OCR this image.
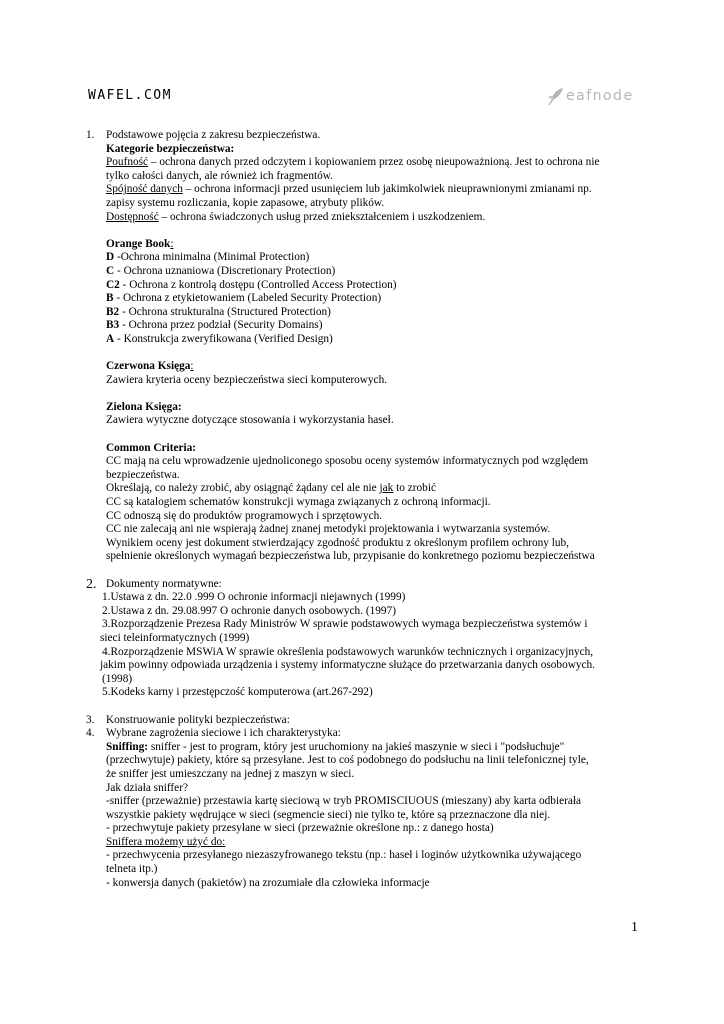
WAFEL.COM	eafnode
1.	Podstawowe pojęcia z zakresu bezpieczeństwa.

Kategorie bezpieczeństwa:

Poufność – ochrona danych przed odczytem i kopiowaniem przez osobę nieupoważnioną. Jest to ochrona nie

tylko całości danych, ale również ich fragmentów.

Spójność danych – ochrona informacji przed usunięciem lub jakimkolwiek nieuprawnionymi zmianami np.

zapisy systemu rozliczania, kopie zapasowe, atrybuty plików.

Dostępność – ochrona świadczonych usług przed zniekształceniem i uszkodzeniem.

Orange Book:

D -Ochrona minimalna (Minimal Protection)

C - Ochrona uznaniowa (Discretionary Protection)

C2 - Ochrona z kontrolą dostępu (Controlled Access Protection)

B - Ochrona z etykietowaniem (Labeled Security Protection)

B2 - Ochrona strukturalna (Structured Protection)

B3 - Ochrona przez podział (Security Domains)

A - Konstrukcja zweryfikowana (Verified Design)

Czerwona Księga:

Zawiera kryteria oceny bezpieczeństwa sieci komputerowych.

Zielona Księga:

Zawiera wytyczne dotyczące stosowania i wykorzystania haseł.

Common Criteria:

CC mają na celu wprowadzenie ujednoliconego sposobu oceny systemów informatycznych pod względem

bezpieczeństwa.

Określają, co należy zrobić, aby osiągnąć żądany cel ale nie jak to zrobić

CC są katalogiem schematów konstrukcji wymaga związanych z ochroną informacji.

CC odnoszą się do produktów programowych i sprzętowych.

CC nie zalecają ani nie wspierają żadnej znanej metodyki projektowania i wytwarzania systemów.

Wynikiem oceny jest dokument stwierdzający zgodność produktu z określonym profilem ochrony lub,

spełnienie określonych wymagań bezpieczeństwa lub, przypisanie do konkretnego poziomu bezpieczeństwa

2. Dokumenty normatywne:

1.Ustawa z dn. 22.0 .999 O ochronie informacji niejawnych (1999)

2.Ustawa z dn. 29.08.997 O ochronie danych osobowych. (1997)

3.Rozporządzenie Prezesa Rady Ministrów W sprawie podstawowych wymaga bezpieczeństwa systemów i

sieci teleinformatycznych (1999)

4.Rozporządzenie MSWiA W sprawie określenia podstawowych warunków technicznych i organizacyjnych,

jakim powinny odpowiada urządzenia i systemy informatyczne służące do przetwarzania danych osobowych.

(1998)

5.Kodeks karny i przestępczość komputerowa (art.267-292)

3.	Konstruowanie polityki bezpieczeństwa:

4.	Wybrane zagrożenia sieciowe i ich charakterystyka:

Sniffing: sniffer - jest to program, który jest uruchomiony na jakieś maszynie w sieci i "podsłuchuje"

(przechwytuje) pakiety, które są przesyłane. Jest to coś podobnego do podsłuchu na linii telefonicznej tyle,

że sniffer jest umieszczany na jednej z maszyn w sieci.

Jak działa sniffer?

-sniffer (przeważnie) przestawia kartę sieciową w tryb PROMISCIUOUS (mieszany) aby karta odbierała

wszystkie pakiety wędrujące w sieci (segmencie sieci) nie tylko te, które są przeznaczone dla niej.

- przechwytuje pakiety przesyłane w sieci (przeważnie określone np.: z danego hosta)

Sniffera możemy użyć do:

- przechwycenia przesyłanego niezaszyfrowanego tekstu (np.: haseł i loginów użytkownika używającego

telneta itp.)

- konwersja danych (pakietów) na zrozumiałe dla człowieka informacje

1
